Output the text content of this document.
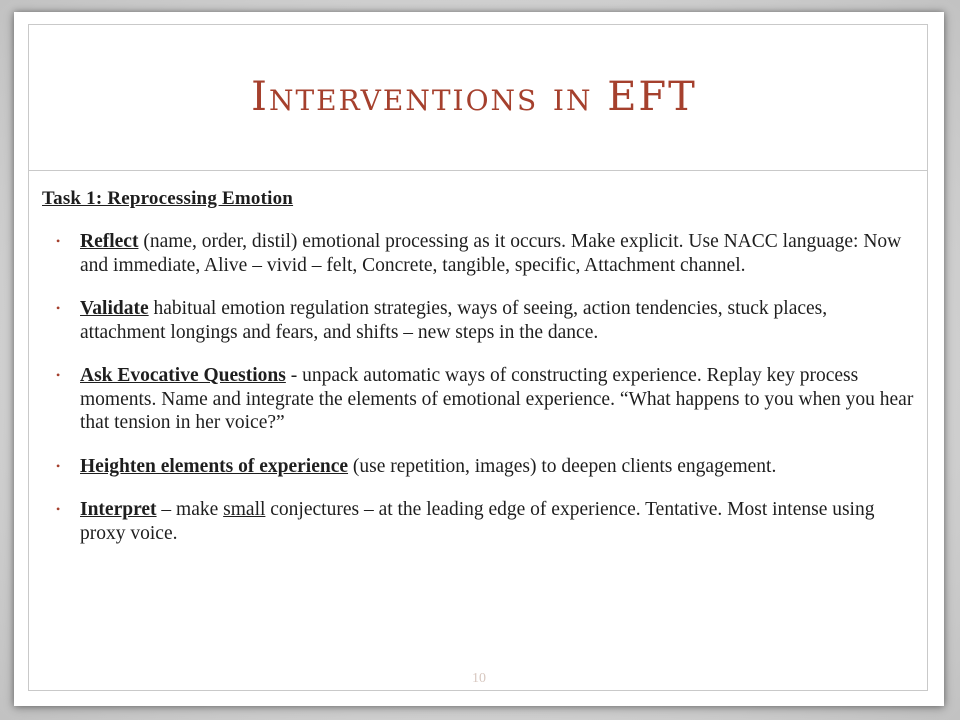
Interventions in EFT
Task 1: Reprocessing Emotion
• Reflect (name, order, distil) emotional processing as it occurs. Make explicit. Use NACC language: Now and immediate, Alive – vivid – felt, Concrete, tangible, specific, Attachment channel.
• Validate habitual emotion regulation strategies, ways of seeing, action tendencies, stuck places, attachment longings and fears, and shifts – new steps in the dance.
• Ask Evocative Questions - unpack automatic ways of constructing experience. Replay key process moments. Name and integrate the elements of emotional experience. “What happens to you when you hear that tension in her voice?”
• Heighten elements of experience (use repetition, images) to deepen clients engagement.
• Interpret – make small conjectures – at the leading edge of experience. Tentative. Most intense using proxy voice.
10
